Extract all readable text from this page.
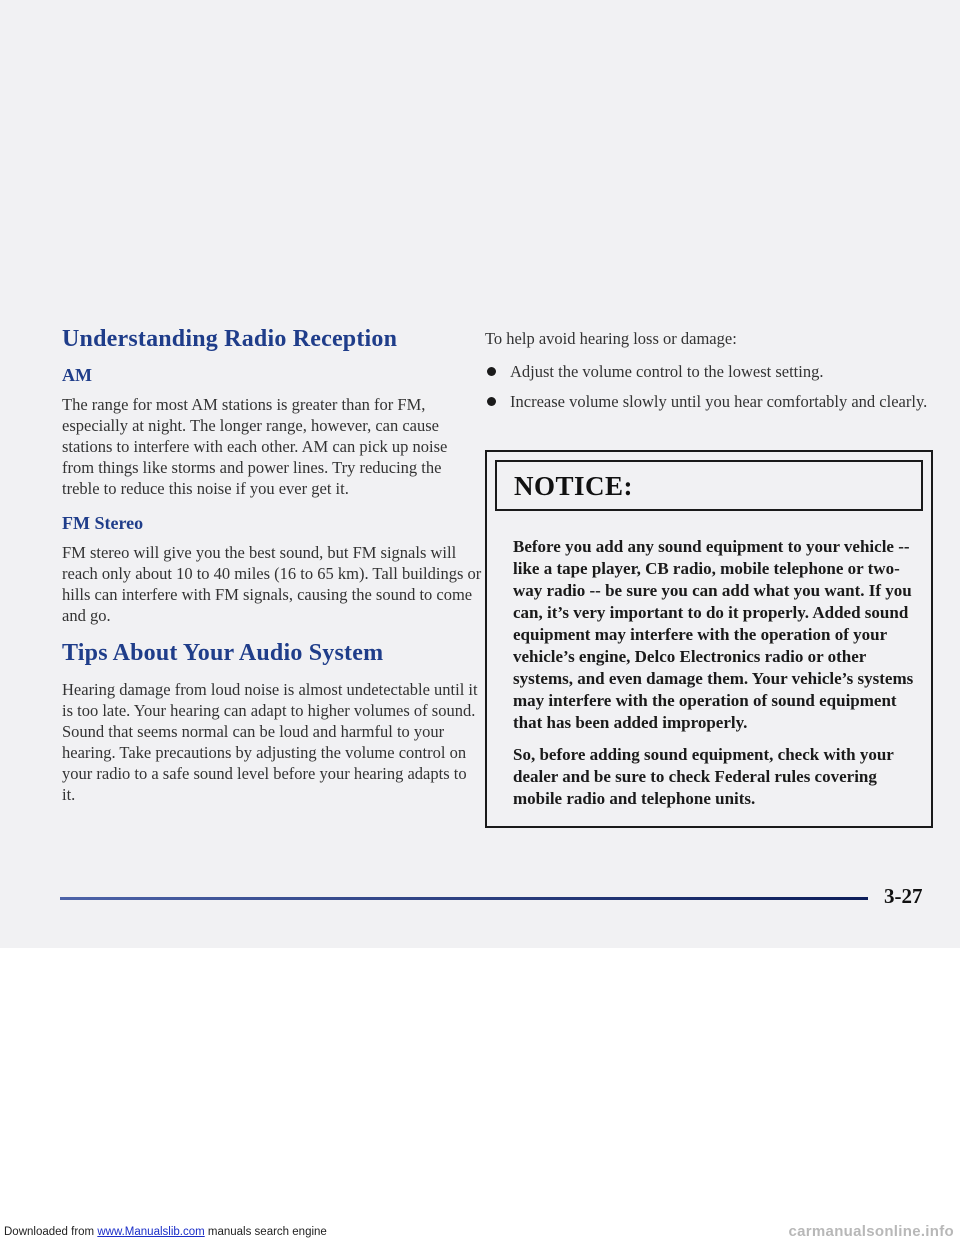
Understanding Radio Reception
AM

The range for most AM stations is greater than for FM, especially at night. The longer range, however, can cause stations to interfere with each other. AM can pick up noise from things like storms and power lines. Try reducing the treble to reduce this noise if you ever get it.

FM Stereo

FM stereo will give you the best sound, but FM signals will reach only about 10 to 40 miles (16 to 65 km). Tall buildings or hills can interfere with FM signals, causing the sound to come and go.

Tips About Your Audio System

Hearing damage from loud noise is almost undetectable until it is too late. Your hearing can adapt to higher volumes of sound. Sound that seems normal can be loud and harmful to your hearing. Take precautions by adjusting the volume control on your radio to a safe sound level before your hearing adapts to it.

To help avoid hearing loss or damage:

Adjust the volume control to the lowest setting.
Increase volume slowly until you hear comfortably and clearly.
NOTICE:

Before you add any sound equipment to your vehicle -- like a tape player, CB radio, mobile telephone or two-way radio -- be sure you can add what you want. If you can, it’s very important to do it properly. Added sound equipment may interfere with the operation of your vehicle’s engine, Delco Electronics radio or other systems, and even damage them. Your vehicle’s systems may interfere with the operation of sound equipment that has been added improperly.

So, before adding sound equipment, check with your dealer and be sure to check Federal rules covering mobile radio and telephone units.

3-27
Downloaded from www.Manualslib.com manuals search engine	carmanualsonline.info
